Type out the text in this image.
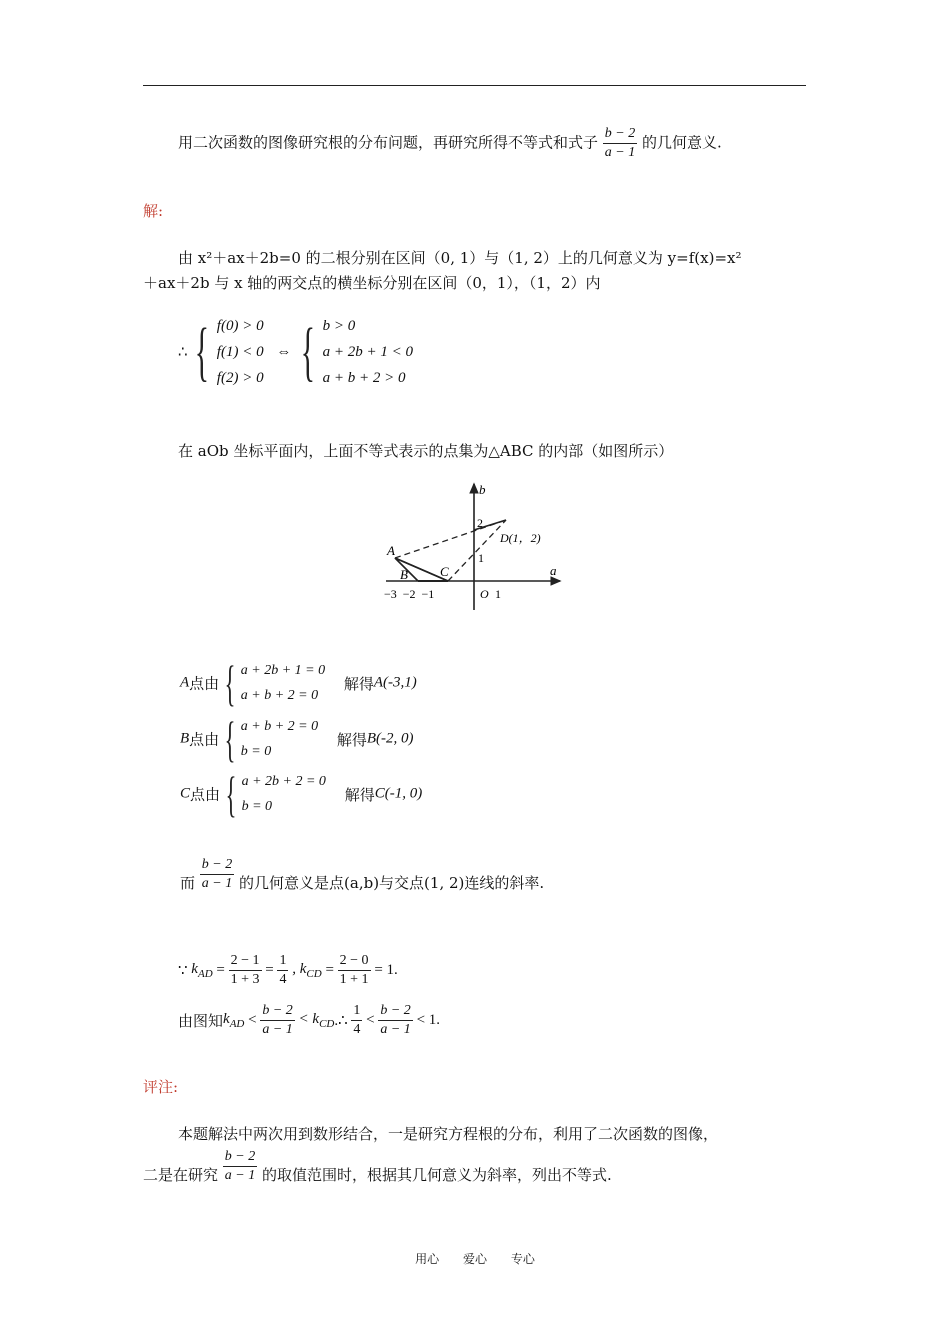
用二次函数的图像研究根的分布问题，再研究所得不等式和式子 $\frac{b - 2}{a - 1}$ 的几何意义.
解:
由 x²＋ax＋2b=0 的二根分别在区间（0, 1）与（1, 2）上的几何意义为 y=f(x)=x²
＋ax＋2b 与 x 轴的两交点的横坐标分别在区间（0，1），（1，2）内
∴ { f(0) > 0
f(1) < 0
f(2) > 0
⇔ { b > 0
a + 2b + 1 < 0
a + b + 2 > 0
在 aOb 坐标平面内，上面不等式表示的点集为△ABC 的内部（如图所示）
b
a
A
B C
D(1，2)
2
1
−3  −2  −1	O 1
A点由 { a + 2b + 1 = 0
a + b + 2 = 0
解得A(-3,1)
B点由 { a + b + 2 = 0
b = 0
解得B(-2, 0)
C点由 { a + 2b + 2 = 0
b = 0
解得C(-1, 0)
而 $\frac{b - 2}{a - 1}$ 的几何意义是点(a,b)与交点(1, 2)连线的斜率.
∵ $k_{AD} = \frac{2 - 1}{1 + 3} = \frac{1}{4}$ , $k_{CD} = \frac{2 - 0}{1 + 1} = 1$.
由图知$k_{AD} < \frac{b - 2}{a - 1}$ < $k_{CD}.\therefore \frac{1}{4} < \frac{b - 2}{a - 1} < 1$.
评注:
本题解法中两次用到数形结合，一是研究方程根的分布，利用了二次函数的图像，
二是在研究 $\frac{b - 2}{a - 1}$ 的取值范围时，根据其几何意义为斜率，列出不等式.
用心 爱心 专心
